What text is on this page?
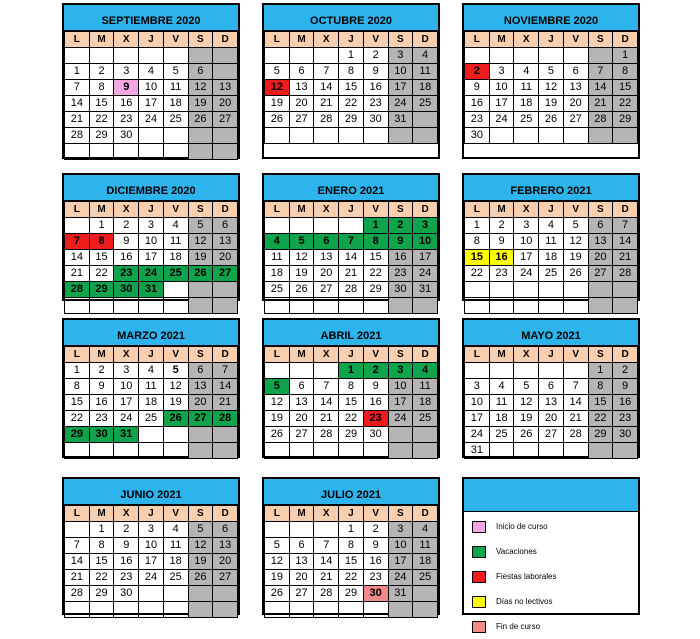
SEPTIEMBRE 2020
L	M	X	J	V	S	D

1	2	3	4	5	6	
7	8	9	10	11	12	13
14	15	16	17	18	19	20
21	22	23	24	25	26	27
28	29	30				

OCTUBRE 2020
L	M	X	J	V	S	D
			1	2	3	4
5	6	7	8	9	10	11
12	13	14	15	16	17	18
19	20	21	22	23	24	25
26	27	28	29	30	31	

NOVIEMBRE 2020
L	M	X	J	V	S	D
						1
2	3	4	5	6	7	8
9	10	11	12	13	14	15
16	17	18	19	20	21	22
23	24	25	26	27	28	29
30						
DICIEMBRE 2020
L	M	X	J	V	S	D
	1	2	3	4	5	6
7	8	9	10	11	12	13
14	15	16	17	18	19	20
21	22	23	24	25	26	27
28	29	30	31			

ENERO 2021
L	M	X	J	V	S	D
				1	2	3
4	5	6	7	8	9	10
11	12	13	14	15	16	17
18	19	20	21	22	23	24
25	26	27	28	29	30	31

FEBRERO 2021
L	M	X	J	V	S	D
1	2	3	4	5	6	7
8	9	10	11	12	13	14
15	16	17	18	19	20	21
22	23	24	25	26	27	28

MARZO 2021
L	M	X	J	V	S	D
1	2	3	4	5	6	7
8	9	10	11	12	13	14
15	16	17	18	19	20	21
22	23	24	25	26	27	28
29	30	31				

ABRIL 2021
L	M	X	J	V	S	D
			1	2	3	4
5	6	7	8	9	10	11
12	13	14	15	16	17	18
19	20	21	22	23	24	25
26	27	28	29	30		

MAYO 2021
L	M	X	J	V	S	D
					1	2
3	4	5	6	7	8	9
10	11	12	13	14	15	16
17	18	19	20	21	22	23
24	25	26	27	28	29	30
31						
JUNIO 2021
L	M	X	J	V	S	D
	1	2	3	4	5	6
7	8	9	10	11	12	13
14	15	16	17	18	19	20
21	22	23	24	25	26	27
28	29	30				

JULIO 2021
L	M	X	J	V	S	D
			1	2	3	4
5	6	7	8	9	10	11
12	13	14	15	16	17	18
19	20	21	22	23	24	25
26	27	28	29	30	31	

Inicio de curso
Vacaciones
Fiestas laborales
Días no lectivos
Fin de curso
